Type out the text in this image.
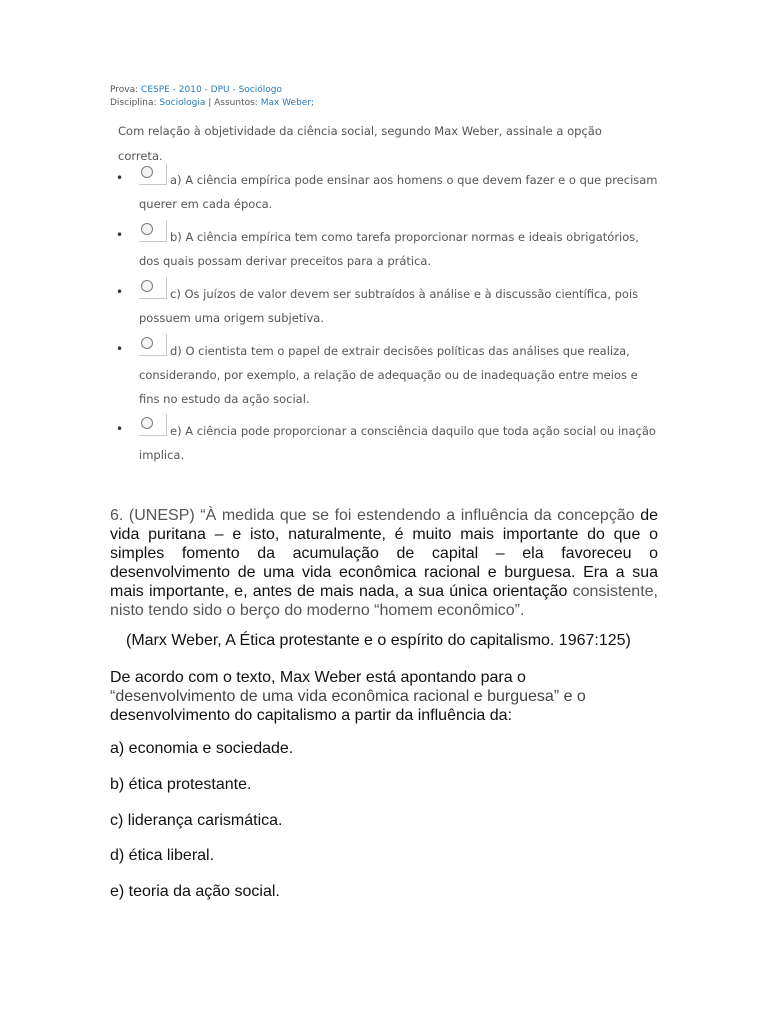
Prova: CESPE - 2010 - DPU - Sociólogo
Disciplina: Sociologia | Assuntos: Max Weber;
Com relação à objetividade da ciência social, segundo Max Weber, assinale a opção correta.
•	a) A ciência empírica pode ensinar aos homens o que devem fazer e o que precisam querer em cada época.
•	b) A ciência empírica tem como tarefa proporcionar normas e ideais obrigatórios, dos quais possam derivar preceitos para a prática.
•	c) Os juízos de valor devem ser subtraídos à análise e à discussão científica, pois possuem uma origem subjetiva.
•	d) O cientista tem o papel de extrair decisões políticas das análises que realiza, considerando, por exemplo, a relação de adequação ou de inadequação entre meios e fins no estudo da ação social.
•	e) A ciência pode proporcionar a consciência daquilo que toda ação social ou inação implica.
6. (UNESP) “À medida que se foi estendendo a influência da concepção de vida puritana – e isto, naturalmente, é muito mais importante do que o simples fomento da acumulação de capital – ela favoreceu o desenvolvimento de uma vida econômica racional e burguesa. Era a sua mais importante, e, antes de mais nada, a sua única orientação consistente, nisto tendo sido o berço do moderno “homem econômico”.
(Marx Weber, A Ética protestante e o espírito do capitalismo. 1967:125)
De acordo com o texto, Max Weber está apontando para o
“desenvolvimento de uma vida econômica racional e burguesa” e o
desenvolvimento do capitalismo a partir da influência da:
a) economia e sociedade.
b) ética protestante.
c) liderança carismática.
d) ética liberal.
e) teoria da ação social.
